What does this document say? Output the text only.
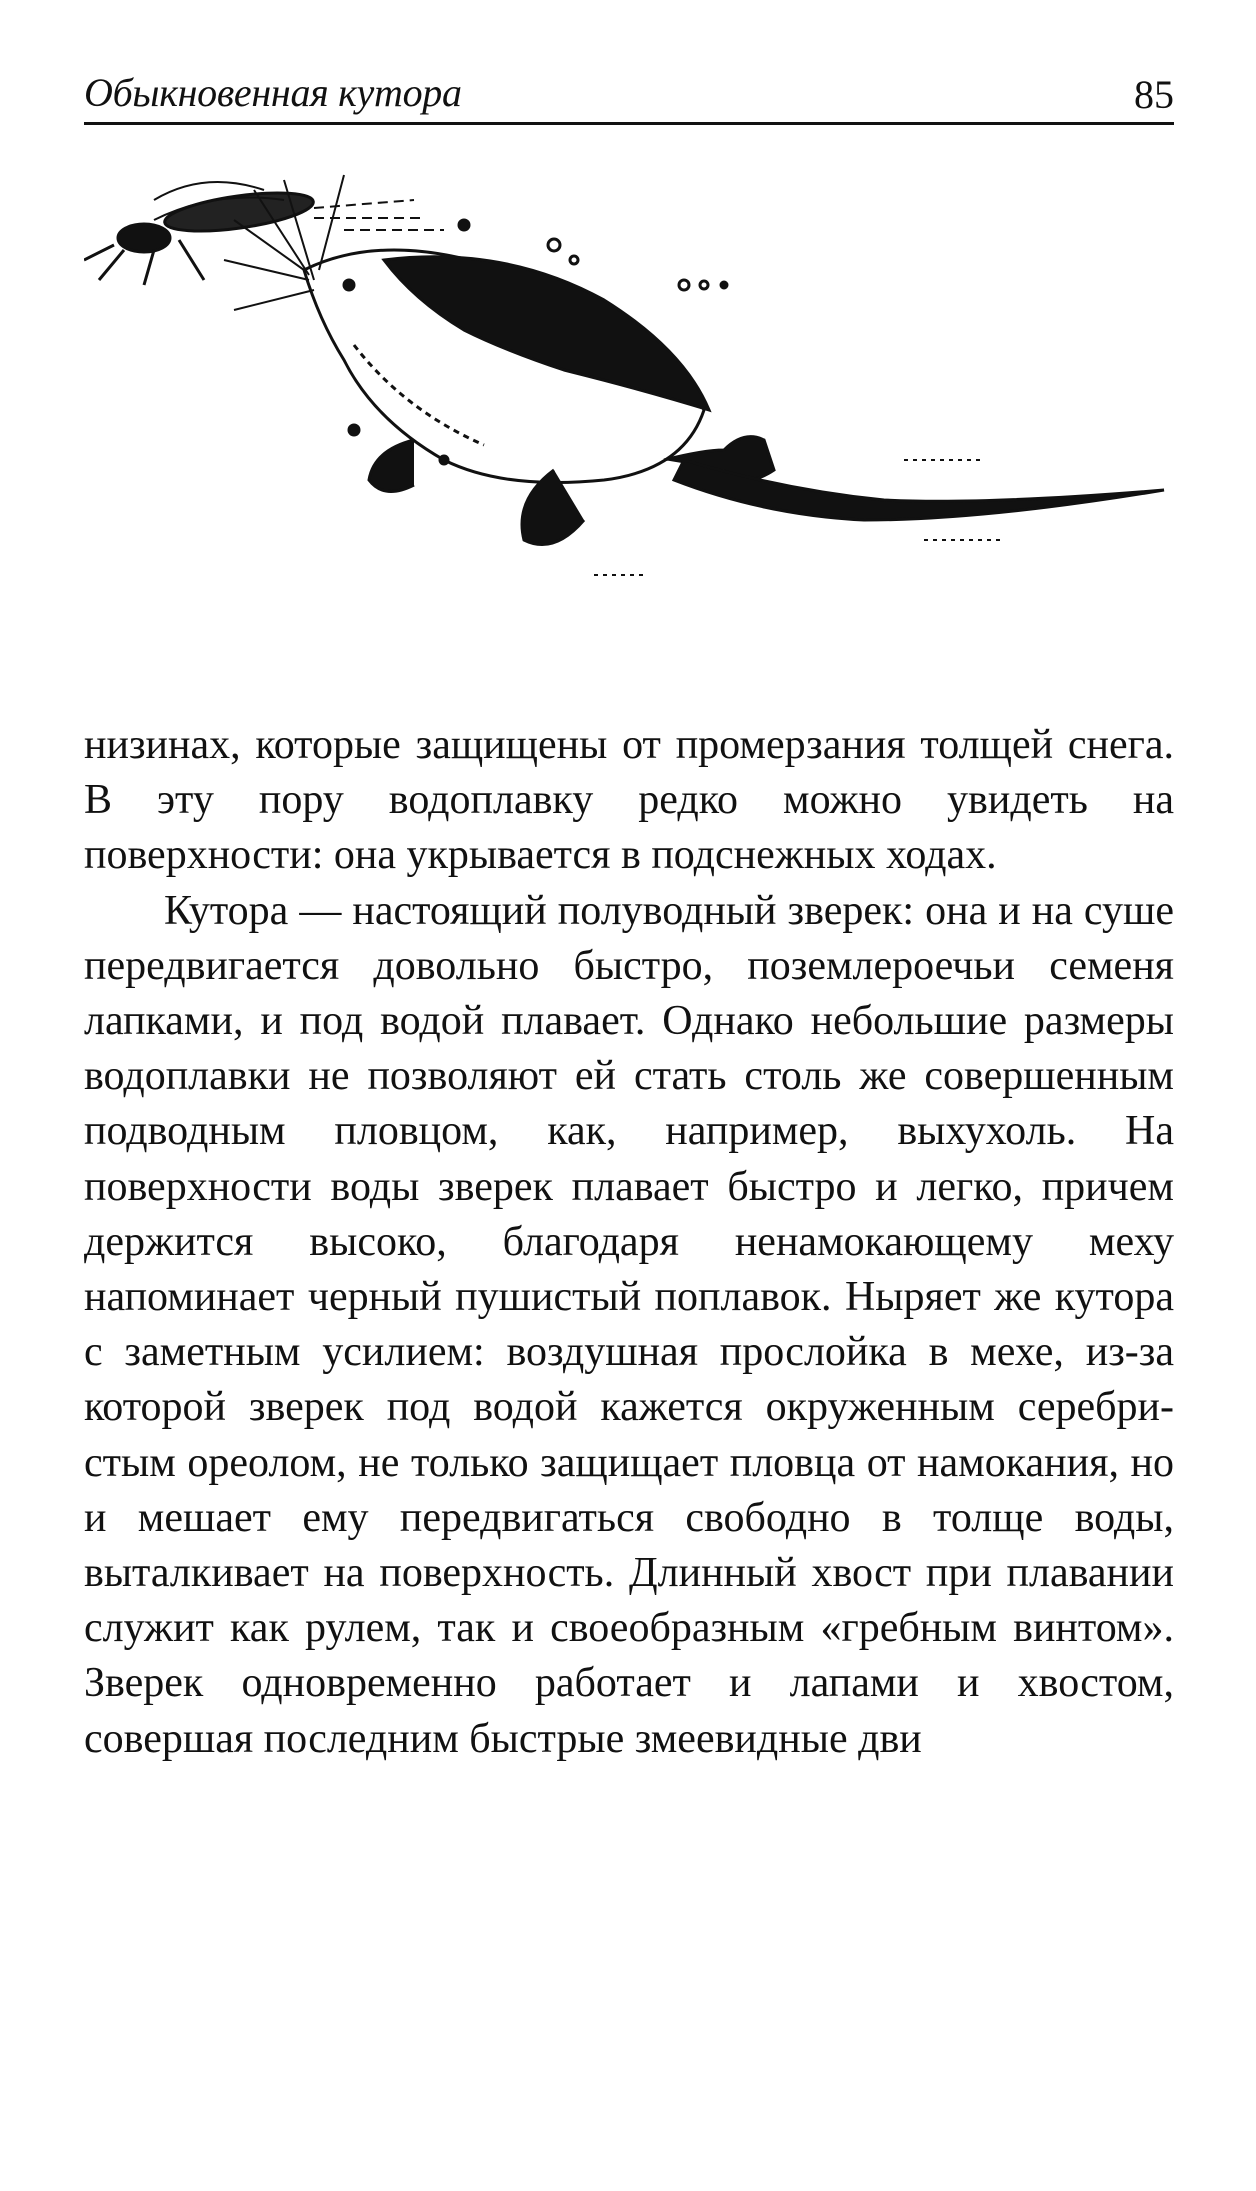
Обыкновенная кутора	85

низинах, которые защищены от промерзания толщей снега. В эту пору водоплавку редко можно увидеть на поверхности: она укрывается в подснежных ходах.

Кутора — настоящий полуводный зверек: она и на суше передвигается довольно быстро, поземлероечьи семеня лапками, и под водой плавает. Однако небольшие размеры водоплавки не позволяют ей стать столь же совершенным подводным пловцом, как, например, выхухоль. На поверхности воды зверек плавает быстро и легко, причем держится высоко, благодаря ненамокающему меху напоминает черный пушистый поплавок. Ныряет же кутора с заметным усилием: воздушная прослойка в мехе, из-за которой зверек под водой кажется окруженным серебристым ореолом, не только защищает пловца от намокания, но и мешает ему передвигаться свободно в толще воды, выталкивает на поверхность. Длинный хвост при плавании служит как рулем, так и своеобразным «гребным винтом». Зверек одновременно работает и лапами и хвостом, совершая последним быстрые змеевидные дви
